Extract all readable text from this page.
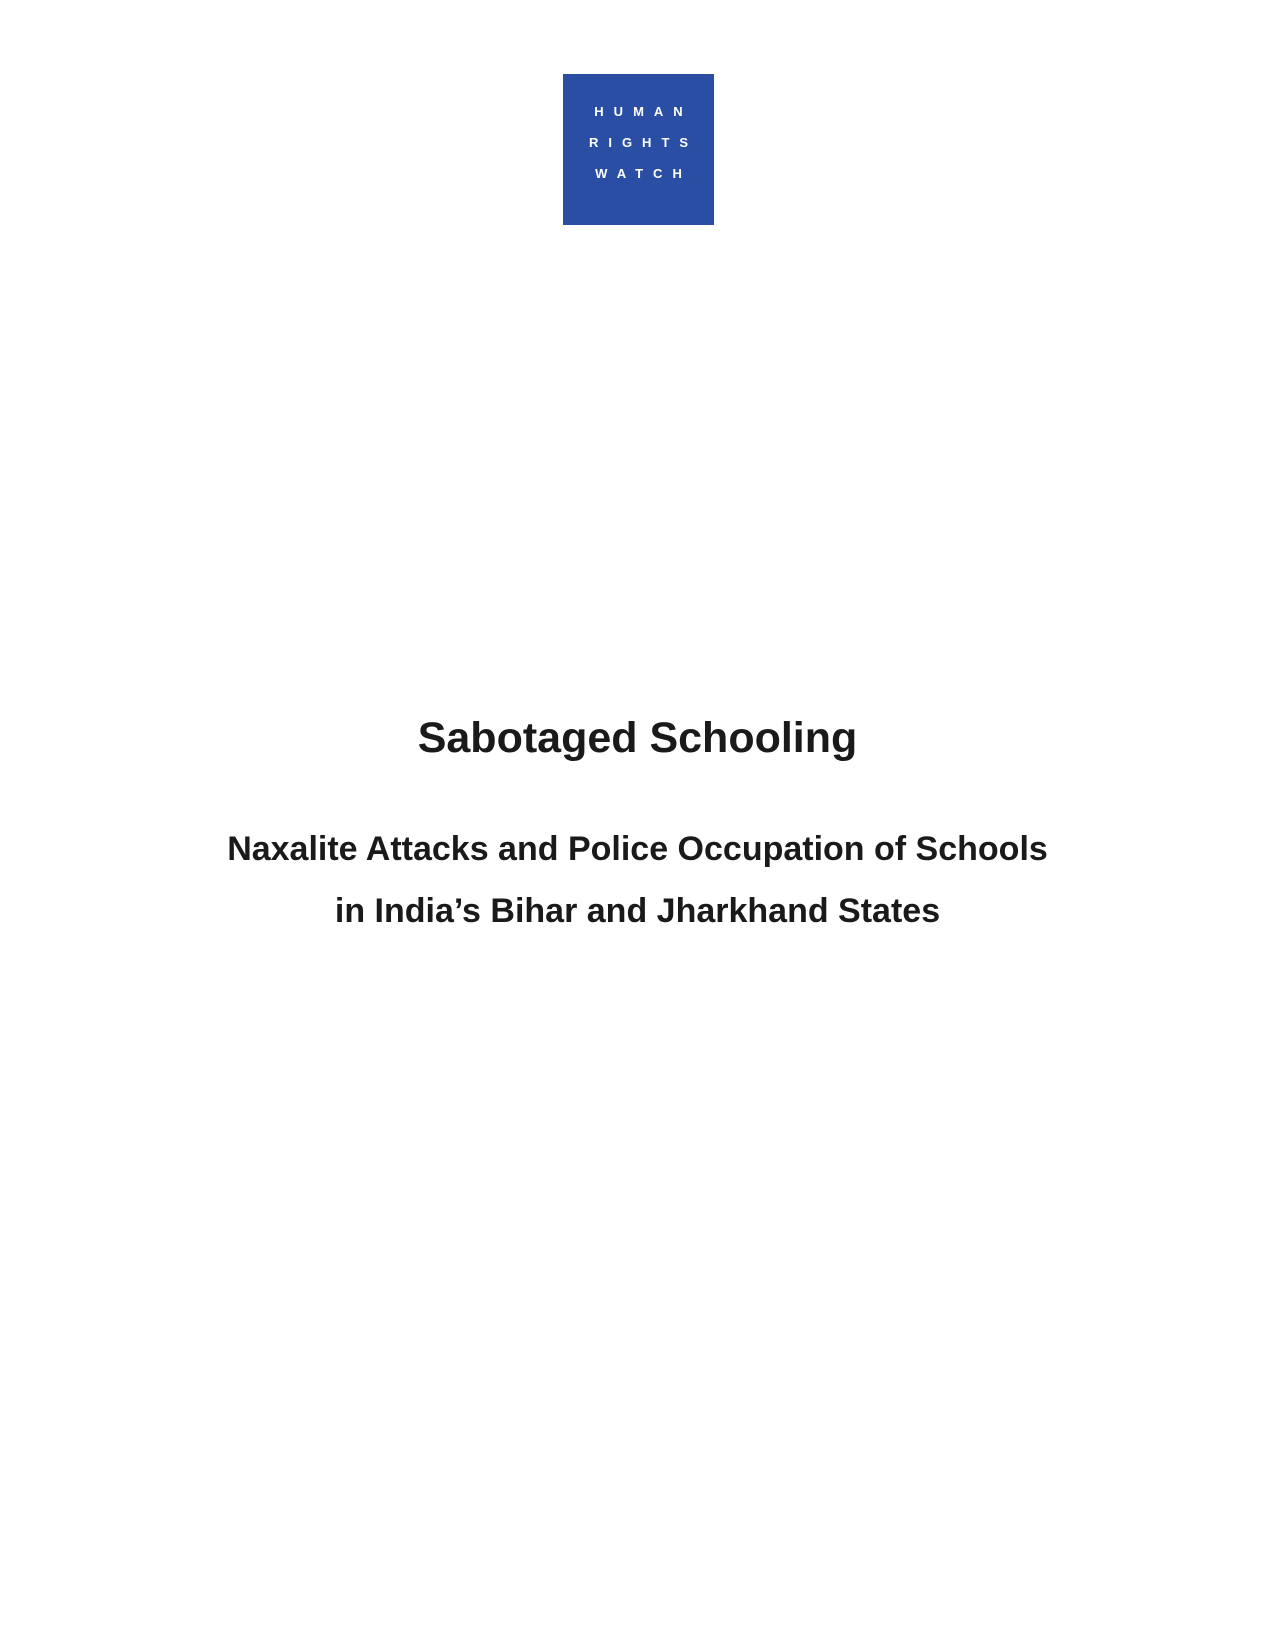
HUMAN
RIGHTS
WATCH
Sabotaged Schooling
Naxalite Attacks and Police Occupation of Schools
in India’s Bihar and Jharkhand States
